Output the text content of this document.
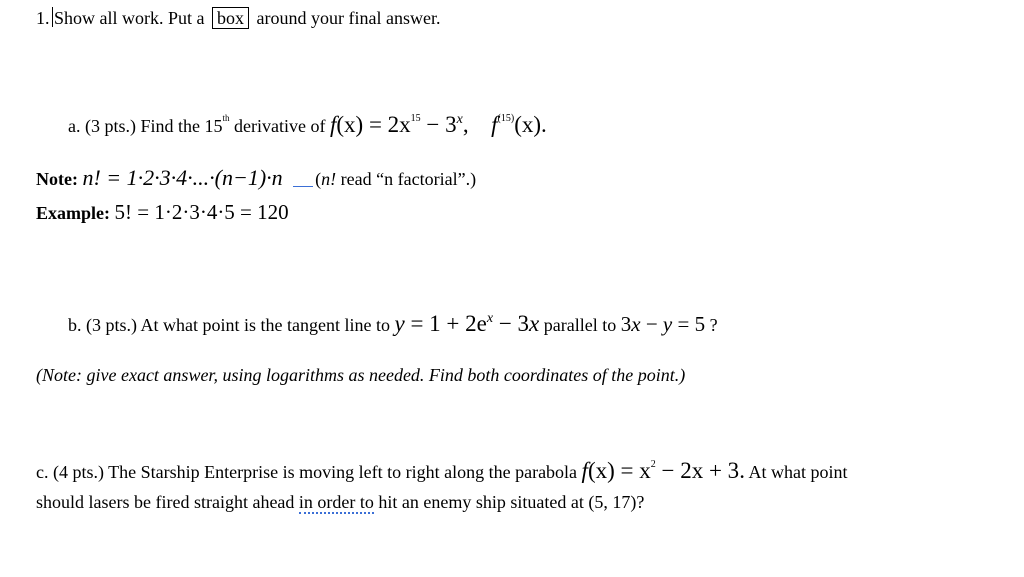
1. Show all work. Put a box around your final answer.
a. (3 pts.) Find the 15th derivative of $f(x) = 2x^{15} - 3^x$, $f^{(15)}(x)$.
Note: n! = 1·2·3·4·...·(n−1)·n (n! read “n factorial”.)
Example: 5! = 1·2·3·4·5 = 120
b. (3 pts.) At what point is the tangent line to $y = 1 + 2e^x - 3x$ parallel to 3x − y = 5 ?
(Note: give exact answer, using logarithms as needed. Find both coordinates of the point.)
c. (4 pts.) The Starship Enterprise is moving left to right along the parabola $f(x) = x^2 - 2x + 3$. At what point
should lasers be fired straight ahead in order to hit an enemy ship situated at (5, 17)?
